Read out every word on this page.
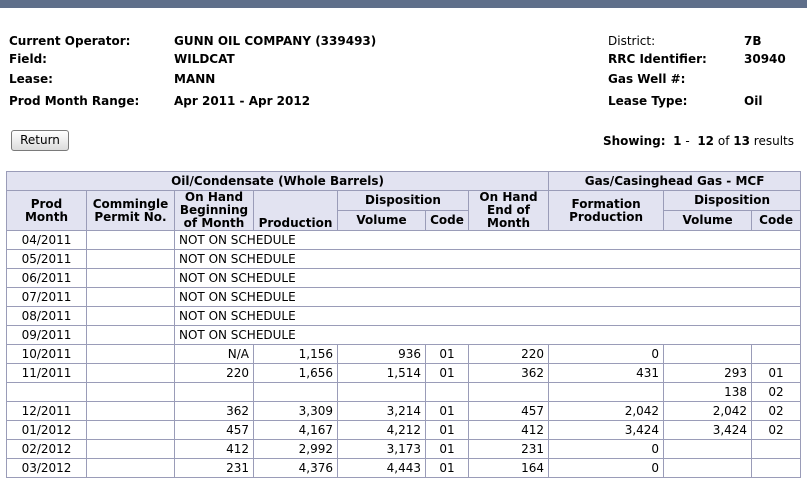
Current Operator:	GUNN OIL COMPANY (339493)
Field:	WILDCAT
Lease:	MANN
Prod Month Range:	Apr 2011 - Apr 2012
District:	7B
RRC Identifier:	30940
Gas Well #:
Lease Type:	Oil
Return	Showing: 1 - 12 of 13 results
Oil/Condensate (Whole Barrels)							Gas/Casinghead Gas - MCF		
Prod Month	Commingle Permit No.	On Hand Beginning of Month	Production	Disposition		On Hand End of Month	Formation Production	Disposition	
				Volume	Code			Volume	Code
04/2011		NOT ON SCHEDULE							
05/2011		NOT ON SCHEDULE							
06/2011		NOT ON SCHEDULE							
07/2011		NOT ON SCHEDULE							
08/2011		NOT ON SCHEDULE							
09/2011		NOT ON SCHEDULE							
10/2011		N/A	1,156	936	01	220	0		
11/2011		220	1,656	1,514	01	362	431	293	01
								138	02
12/2011		362	3,309	3,214	01	457	2,042	2,042	02
01/2012		457	4,167	4,212	01	412	3,424	3,424	02
02/2012		412	2,992	3,173	01	231	0		
03/2012		231	4,376	4,443	01	164	0		
